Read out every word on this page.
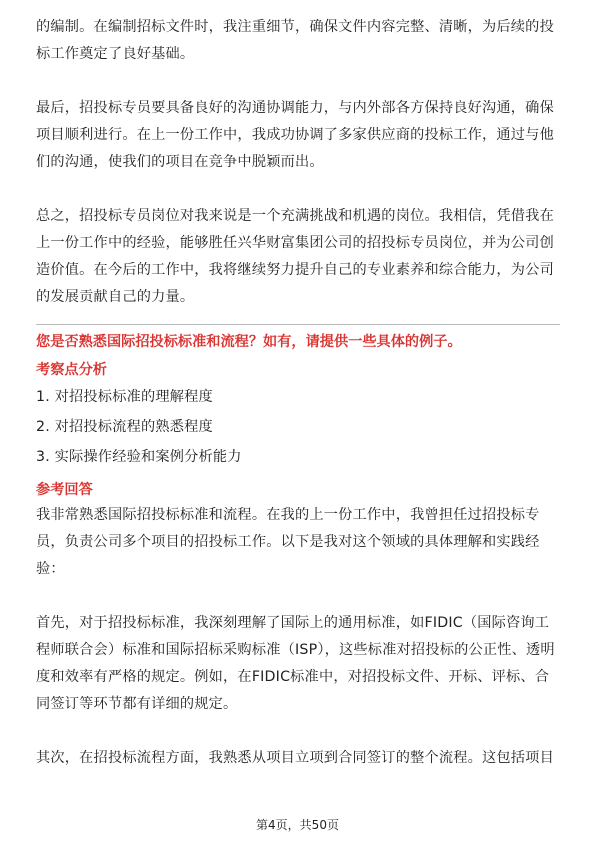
的编制。在编制招标文件时，我注重细节，确保文件内容完整、清晰，为后续的投标工作奠定了良好基础。

最后，招投标专员要具备良好的沟通协调能力，与内外部各方保持良好沟通，确保项目顺利进行。在上一份工作中，我成功协调了多家供应商的投标工作，通过与他们的沟通，使我们的项目在竞争中脱颖而出。

总之，招投标专员岗位对我来说是一个充满挑战和机遇的岗位。我相信，凭借我在上一份工作中的经验，能够胜任兴华财富集团公司的招投标专员岗位，并为公司创造价值。在今后的工作中，我将继续努力提升自己的专业素养和综合能力，为公司的发展贡献自己的力量。

您是否熟悉国际招投标标准和流程？如有，请提供一些具体的例子。

考察点分析

1. 对招投标标准的理解程度
2. 对招投标流程的熟悉程度
3. 实际操作经验和案例分析能力

参考回答

我非常熟悉国际招投标标准和流程。在我的上一份工作中，我曾担任过招投标专员，负责公司多个项目的招投标工作。以下是我对这个领域的具体理解和实践经验：

首先，对于招投标标准，我深刻理解了国际上的通用标准，如FIDIC（国际咨询工程师联合会）标准和国际招标采购标准（ISP），这些标准对招投标的公正性、透明度和效率有严格的规定。例如，在FIDIC标准中，对招投标文件、开标、评标、合同签订等环节都有详细的规定。

其次，在招投标流程方面，我熟悉从项目立项到合同签订的整个流程。这包括项目

第4页，共50页
